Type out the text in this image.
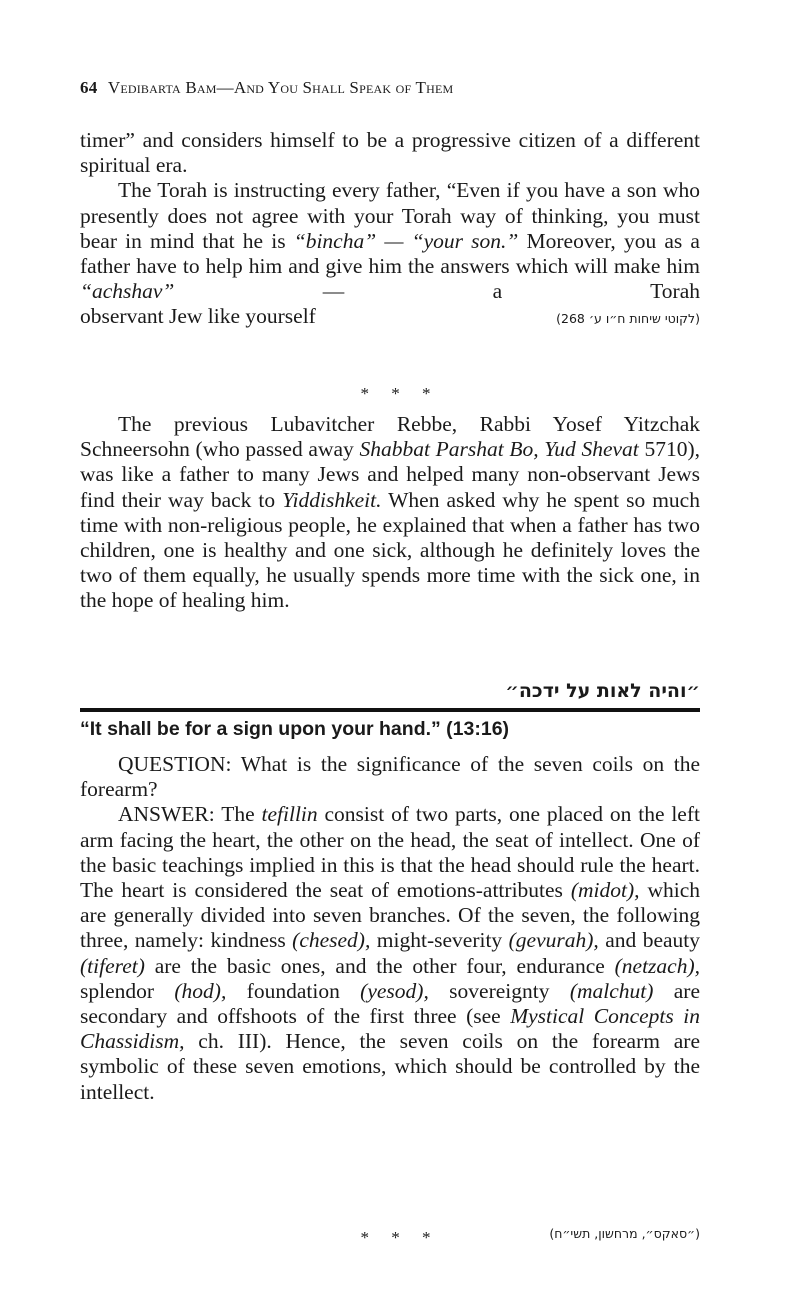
64 Vedibarta Bam—And You Shall Speak of Them

timer” and considers himself to be a progressive citizen of a different spiritual era.

The Torah is instructing every father, “Even if you have a son who presently does not agree with your Torah way of thinking, you must bear in mind that he is “bincha” — “your son.” Moreover, you as a father have to help him and give him the answers which will make him “achshav” — a Torah

observant Jew like yourself	(לקוטי שיחות ח״ו ע׳ 268)
* * *

The previous Lubavitcher Rebbe, Rabbi Yosef Yitzchak Schneersohn (who passed away Shabbat Parshat Bo, Yud Shevat 5710), was like a father to many Jews and helped many non-observant Jews find their way back to Yiddishkeit. When asked why he spent so much time with non-religious people, he explained that when a father has two children, one is healthy and one sick, although he definitely loves the two of them equally, he usually spends more time with the sick one, in the hope of healing him.

״והיה לאות על ידכה״
“It shall be for a sign upon your hand.” (13:16)

QUESTION: What is the significance of the seven coils on the forearm?

ANSWER: The tefillin consist of two parts, one placed on the left arm facing the heart, the other on the head, the seat of intellect. One of the basic teachings implied in this is that the head should rule the heart. The heart is considered the seat of emotions-attributes (midot), which are generally divided into seven branches. Of the seven, the following three, namely: kindness (chesed), might-severity (gevurah), and beauty (tiferet) are the basic ones, and the other four, endurance (netzach), splendor (hod), foundation (yesod), sovereignty (malchut) are secondary and offshoots of the first three (see Mystical Concepts in Chassidism, ch. III). Hence, the seven coils on the forearm are symbolic of these seven emotions, which should be controlled by the intellect.

* * *	(״סאקס״, מרחשון, תשי״ח)
